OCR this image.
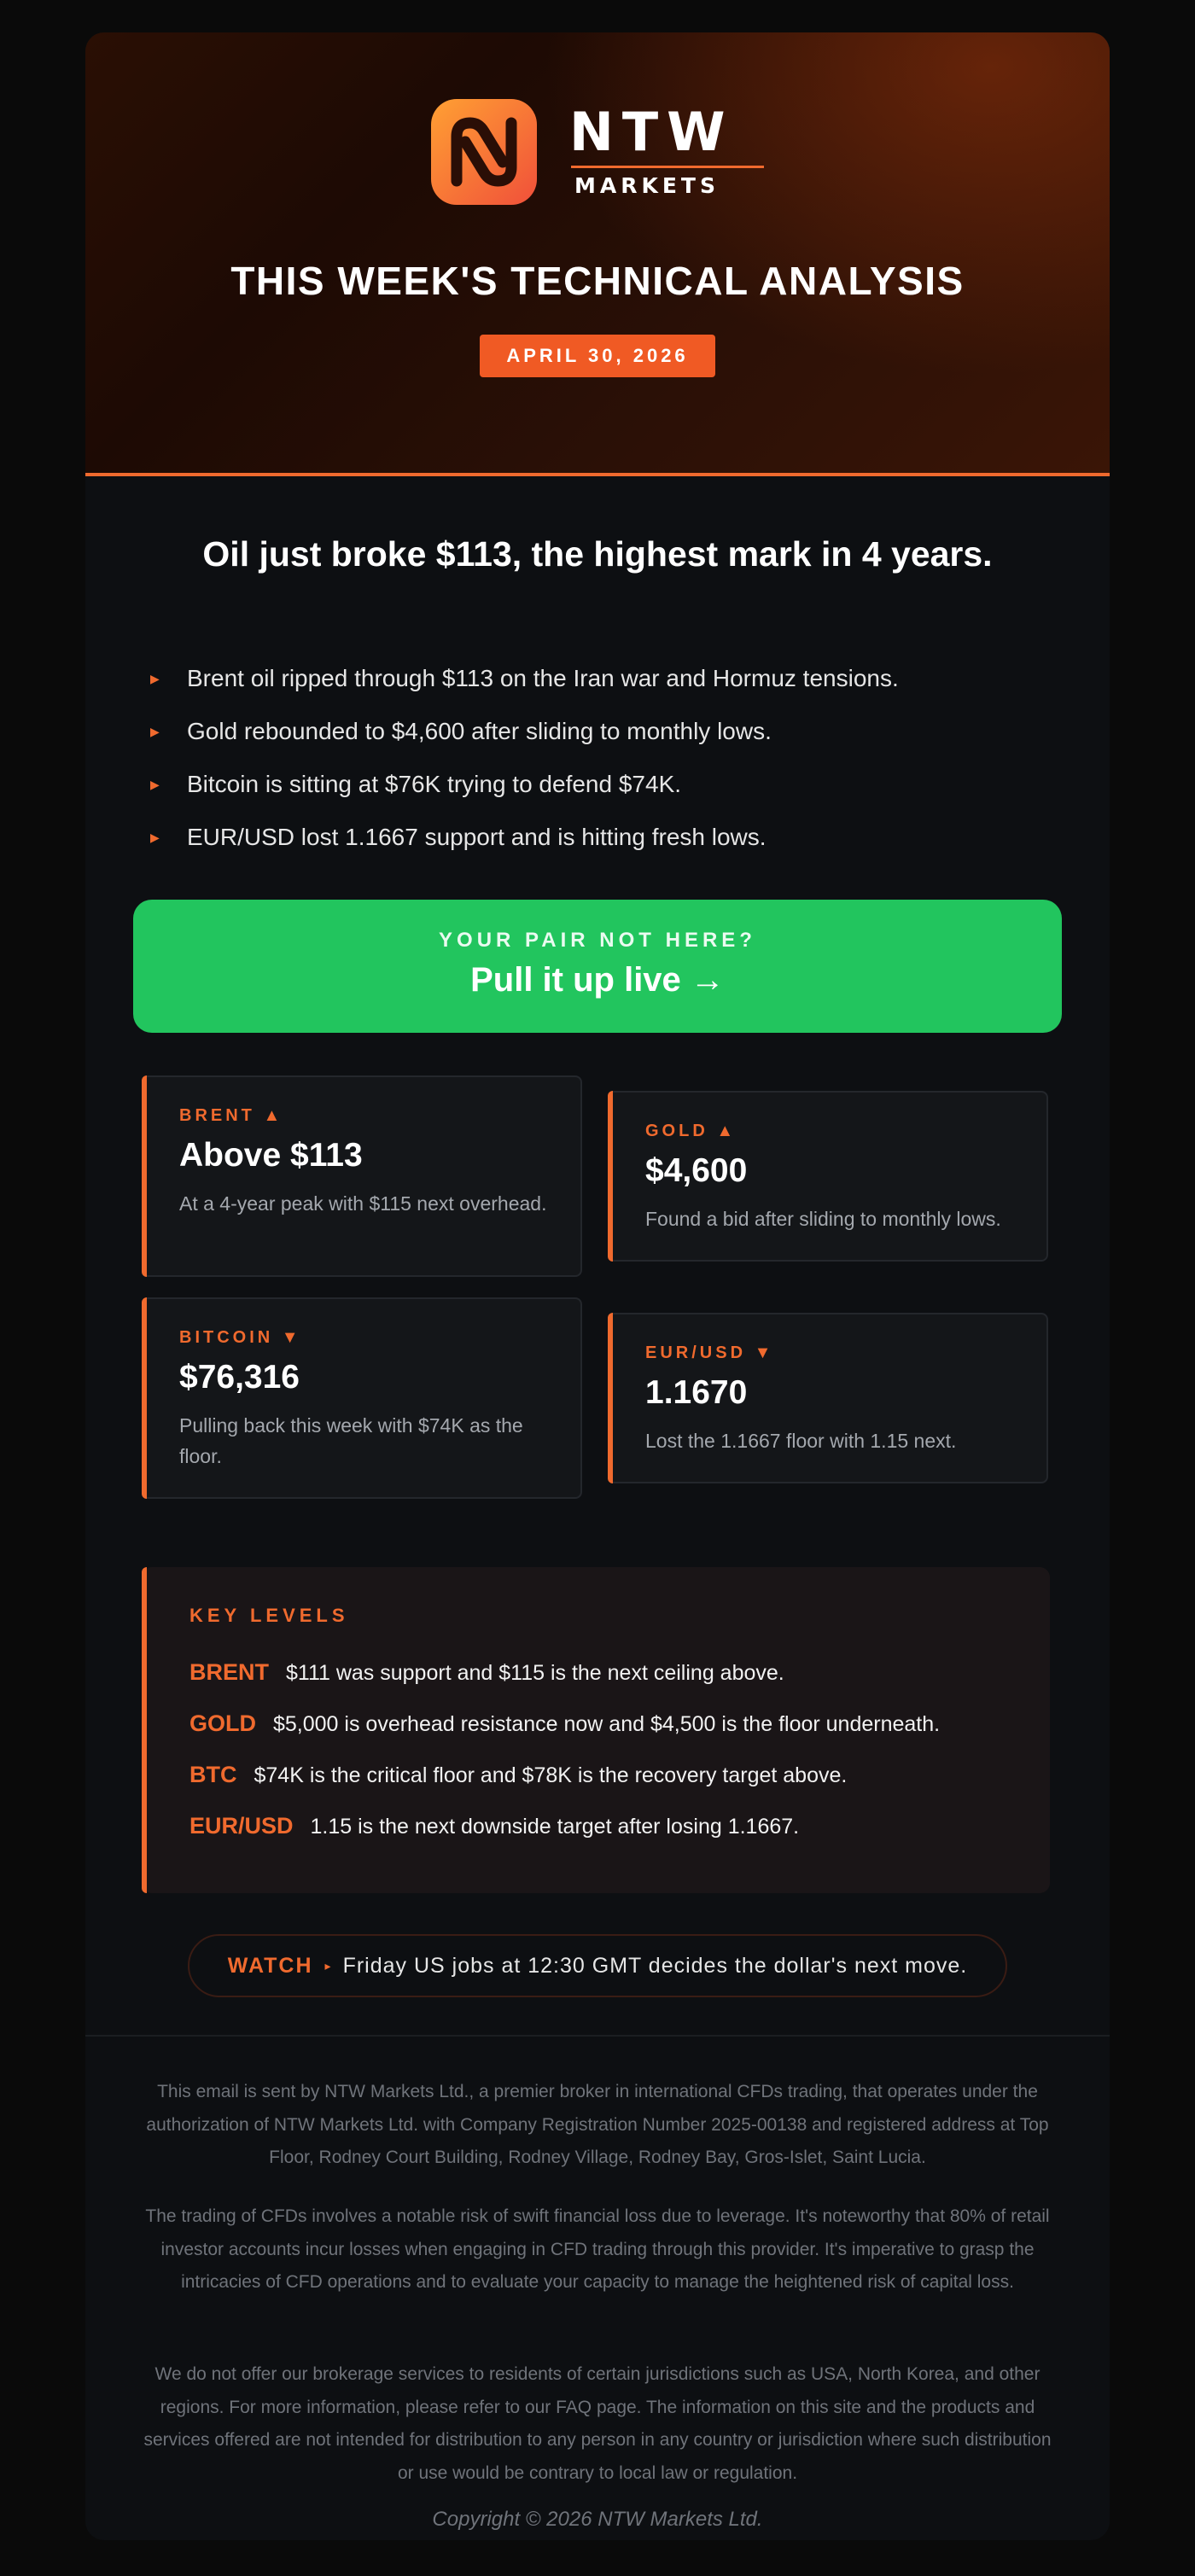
NTW
MARKETS
THIS WEEK'S TECHNICAL ANALYSIS
APRIL 30, 2026
Oil just broke $113, the highest mark in 4 years.
▶ Brent oil ripped through $113 on the Iran war and Hormuz tensions.
▶ Gold rebounded to $4,600 after sliding to monthly lows.
▶ Bitcoin is sitting at $76K trying to defend $74K.
▶ EUR/USD lost 1.1667 support and is hitting fresh lows.
YOUR PAIR NOT HERE?
Pull it up live →
BRENT ▲
Above $113
At a 4-year peak with $115 next overhead.
GOLD ▲
$4,600
Found a bid after sliding to monthly lows.
BITCOIN ▼
$76,316
Pulling back this week with $74K as the floor.
EUR/USD ▼
1.1670
Lost the 1.1667 floor with 1.15 next.
KEY LEVELS
BRENT $111 was support and $115 is the next ceiling above.
GOLD $5,000 is overhead resistance now and $4,500 is the floor underneath.
BTC $74K is the critical floor and $78K is the recovery target above.
EUR/USD 1.15 is the next downside target after losing 1.1667.
WATCH ▸ Friday US jobs at 12:30 GMT decides the dollar's next move.

This email is sent by NTW Markets Ltd., a premier broker in international CFDs trading, that operates under the authorization of NTW Markets Ltd. with Company Registration Number 2025-00138 and registered address at Top Floor, Rodney Court Building, Rodney Village, Rodney Bay, Gros-Islet, Saint Lucia.

The trading of CFDs involves a notable risk of swift financial loss due to leverage. It's noteworthy that 80% of retail investor accounts incur losses when engaging in CFD trading through this provider. It's imperative to grasp the intricacies of CFD operations and to evaluate your capacity to manage the heightened risk of capital loss.

We do not offer our brokerage services to residents of certain jurisdictions such as USA, North Korea, and other regions. For more information, please refer to our FAQ page. The information on this site and the products and services offered are not intended for distribution to any person in any country or jurisdiction where such distribution or use would be contrary to local law or regulation.

Copyright © 2026 NTW Markets Ltd.
